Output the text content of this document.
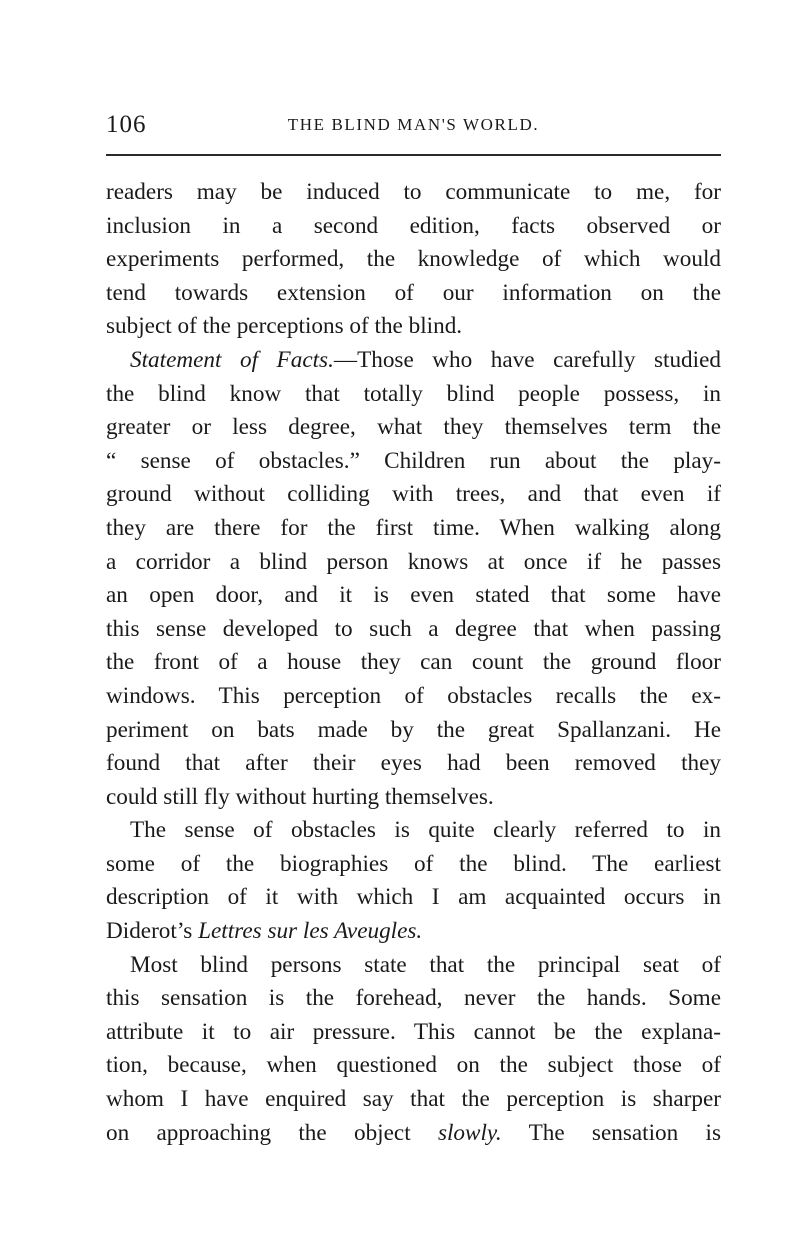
106	THE BLIND MAN'S WORLD.
readers may be induced to communicate to me, for
inclusion in a second edition, facts observed or
experiments performed, the knowledge of which would
tend towards extension of our information on the
subject of the perceptions of the blind.
Statement of Facts.—Those who have carefully studied
the blind know that totally blind people possess, in
greater or less degree, what they themselves term the
“ sense of obstacles.” Children run about the play-
ground without colliding with trees, and that even if
they are there for the first time. When walking along
a corridor a blind person knows at once if he passes
an open door, and it is even stated that some have
this sense developed to such a degree that when passing
the front of a house they can count the ground floor
windows. This perception of obstacles recalls the ex-
periment on bats made by the great Spallanzani. He
found that after their eyes had been removed they
could still fly without hurting themselves.
The sense of obstacles is quite clearly referred to in
some of the biographies of the blind. The earliest
description of it with which I am acquainted occurs in
Diderot’s Lettres sur les Aveugles.
Most blind persons state that the principal seat of
this sensation is the forehead, never the hands. Some
attribute it to air pressure. This cannot be the explana-
tion, because, when questioned on the subject those of
whom I have enquired say that the perception is sharper
on approaching the object slowly. The sensation is
